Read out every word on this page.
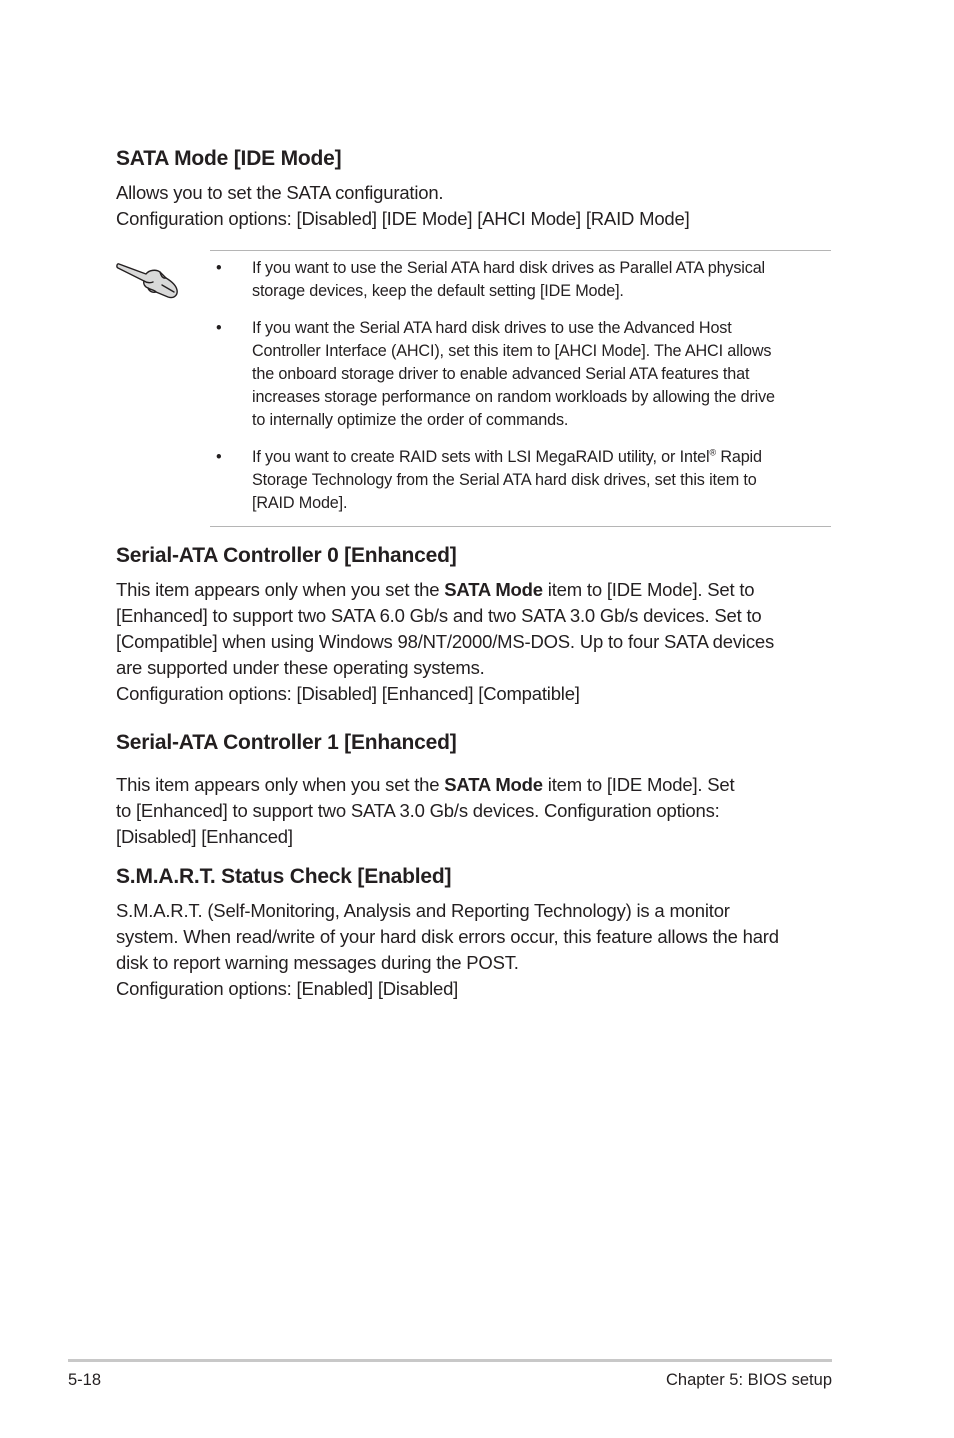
SATA Mode [IDE Mode]

Allows you to set the SATA configuration.

Configuration options: [Disabled] [IDE Mode] [AHCI Mode] [RAID Mode]

• If you want to use the Serial ATA hard disk drives as Parallel ATA physical
storage devices, keep the default setting [IDE Mode].
• If you want the Serial ATA hard disk drives to use the Advanced Host
Controller Interface (AHCI), set this item to [AHCI Mode]. The AHCI allows
the onboard storage driver to enable advanced Serial ATA features that
increases storage performance on random workloads by allowing the drive
to internally optimize the order of commands.
• If you want to create RAID sets with LSI MegaRAID utility, or Intel® Rapid
Storage Technology from the Serial ATA hard disk drives, set this item to
[RAID Mode].
Serial-ATA Controller 0 [Enhanced]

This item appears only when you set the SATA Mode item to [IDE Mode]. Set to

[Enhanced] to support two SATA 6.0 Gb/s and two SATA 3.0 Gb/s devices. Set to

[Compatible] when using Windows 98/NT/2000/MS-DOS. Up to four SATA devices

are supported under these operating systems.

Configuration options: [Disabled] [Enhanced] [Compatible]

Serial-ATA Controller 1 [Enhanced]

This item appears only when you set the SATA Mode item to [IDE Mode]. Set

to [Enhanced] to support two SATA 3.0 Gb/s devices. Configuration options:

[Disabled] [Enhanced]

S.M.A.R.T. Status Check [Enabled]

S.M.A.R.T. (Self-Monitoring, Analysis and Reporting Technology) is a monitor

system. When read/write of your hard disk errors occur, this feature allows the hard

disk to report warning messages during the POST.

Configuration options: [Enabled] [Disabled]

5-18	Chapter 5: BIOS setup
